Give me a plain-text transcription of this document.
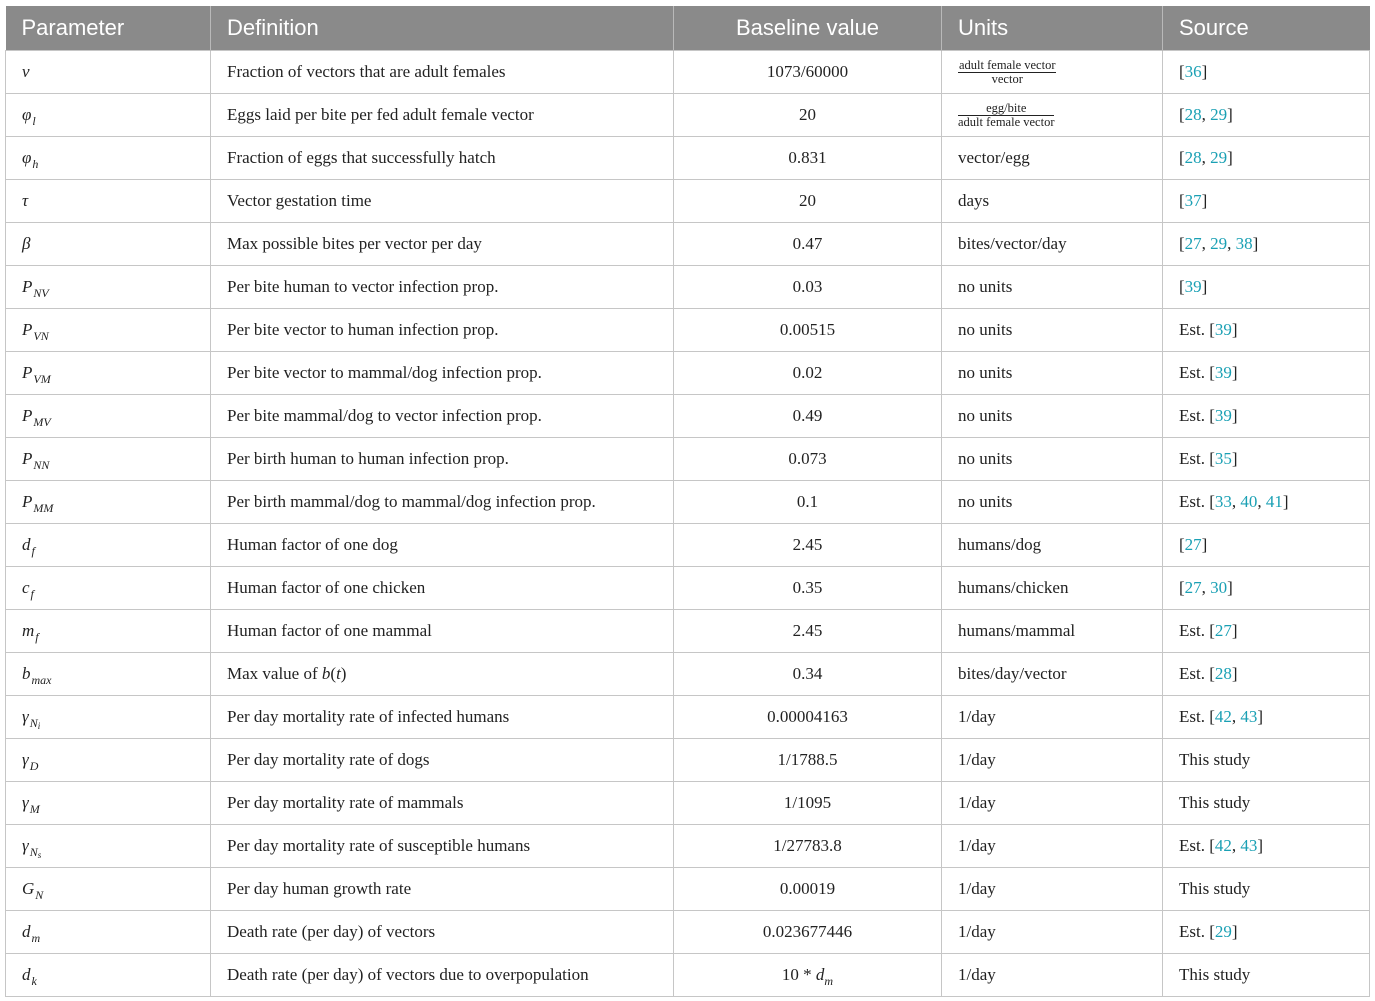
Parameter	Definition	Baseline value	Units	Source
ν	Fraction of vectors that are adult females	1073/60000	$\frac{\text{adult female vector}}{\text{vector}}$	[36]
$\varphi_l$	Eggs laid per bite per fed adult female vector	20	$\frac{\text{egg/bite}}{\text{adult female vector}}$	[28, 29]
$\varphi_h$	Fraction of eggs that successfully hatch	0.831	vector/egg	[28, 29]
τ	Vector gestation time	20	days	[37]
β	Max possible bites per vector per day	0.47	bites/vector/day	[27, 29, 38]
$P_{NV}$	Per bite human to vector infection prop.	0.03	no units	[39]
$P_{VN}$	Per bite vector to human infection prop.	0.00515	no units	Est. [39]
$P_{VM}$	Per bite vector to mammal/dog infection prop.	0.02	no units	Est. [39]
$P_{MV}$	Per bite mammal/dog to vector infection prop.	0.49	no units	Est. [39]
$P_{NN}$	Per birth human to human infection prop.	0.073	no units	Est. [35]
$P_{MM}$	Per birth mammal/dog to mammal/dog infection prop.	0.1	no units	Est. [33, 40, 41]
$d_f$	Human factor of one dog	2.45	humans/dog	[27]
$c_f$	Human factor of one chicken	0.35	humans/chicken	[27, 30]
$m_f$	Human factor of one mammal	2.45	humans/mammal	Est. [27]
$b_{max}$	Max value of b(t)	0.34	bites/day/vector	Est. [28]
$\gamma_{Ni}$	Per day mortality rate of infected humans	0.00004163	1/day	Est. [42, 43]
$\gamma_D$	Per day mortality rate of dogs	1/1788.5	1/day	This study
$\gamma_M$	Per day mortality rate of mammals	1/1095	1/day	This study
$\gamma_{Ns}$	Per day mortality rate of susceptible humans	1/27783.8	1/day	Est. [42, 43]
$G_N$	Per day human growth rate	0.00019	1/day	This study
$d_m$	Death rate (per day) of vectors	0.023677446	1/day	Est. [29]
$d_k$	Death rate (per day) of vectors due to overpopulation	$10 * d_m$	1/day	This study
